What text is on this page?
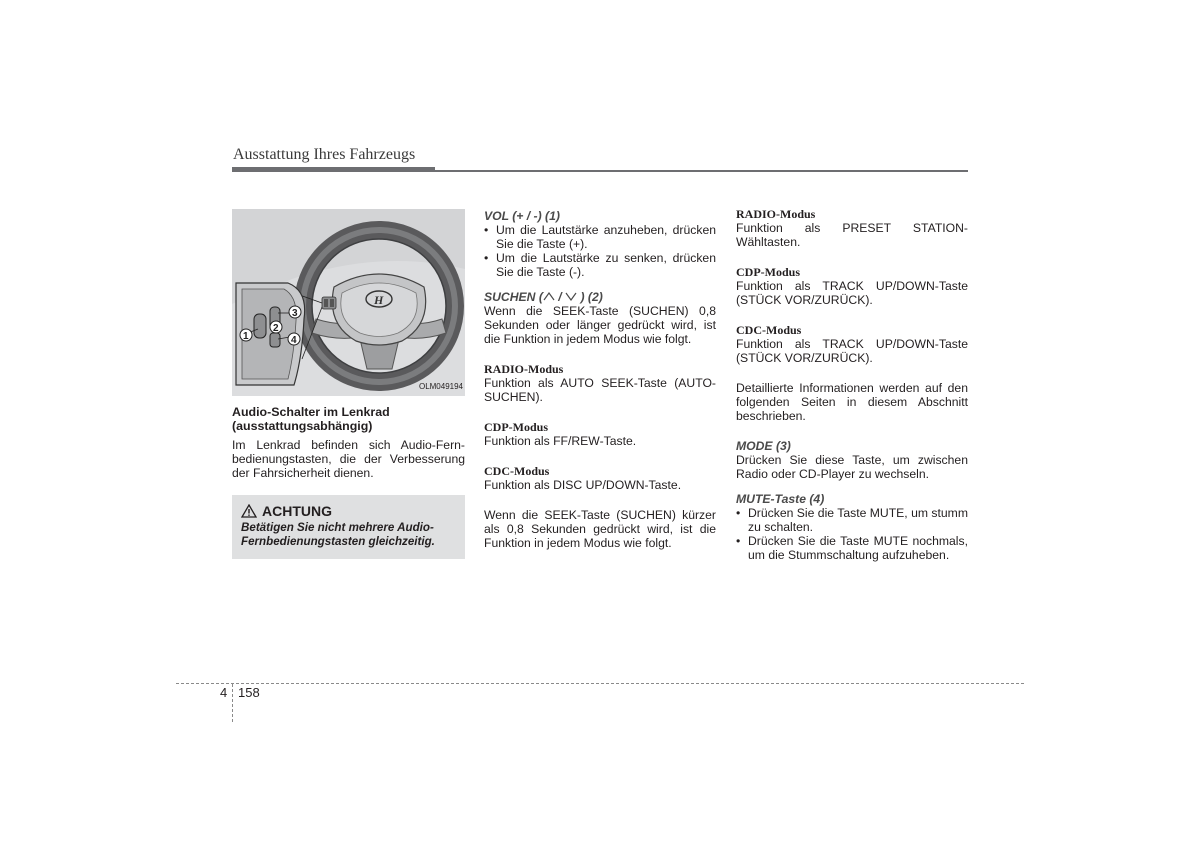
Ausstattung Ihres Fahrzeugs
H
1
2
3
4
OLM049194
Audio-Schalter im Lenkrad
(ausstattungsabhängig)
Im Lenkrad befinden sich Audio-Fern-bedienungstasten, die der Verbesserung der Fahrsicherheit dienen.
ACHTUNG
Betätigen Sie nicht mehrere Audio-Fernbedienungstasten gleichzeitig.
VOL (+ / -) (1)
• Um die Lautstärke anzuheben, drücken Sie die Taste (+).
• Um die Lautstärke zu senken, drücken Sie die Taste (-).
SUCHEN ( /  ) (2)
Wenn die SEEK-Taste (SUCHEN) 0,8 Sekunden oder länger gedrückt wird, ist die Funktion in jedem Modus wie folgt.
RADIO-Modus
Funktion als AUTO SEEK-Taste (AUTO-SUCHEN).
CDP-Modus
Funktion als FF/REW-Taste.
CDC-Modus
Funktion als DISC UP/DOWN-Taste.
Wenn die SEEK-Taste (SUCHEN) kürzer als 0,8 Sekunden gedrückt wird, ist die Funktion in jedem Modus wie folgt.
RADIO-Modus
Funktion als PRESET STATION-Wähltasten.
CDP-Modus
Funktion als TRACK UP/DOWN-Taste (STÜCK VOR/ZURÜCK).
CDC-Modus
Funktion als TRACK UP/DOWN-Taste (STÜCK VOR/ZURÜCK).
Detaillierte Informationen werden auf den folgenden Seiten in diesem Abschnitt beschrieben.
MODE (3)
Drücken Sie diese Taste, um zwischen Radio oder CD-Player zu wechseln.
MUTE-Taste (4)
• Drücken Sie die Taste MUTE, um stumm zu schalten.
• Drücken Sie die Taste MUTE nochmals, um die Stummschaltung aufzuheben.
4 158
